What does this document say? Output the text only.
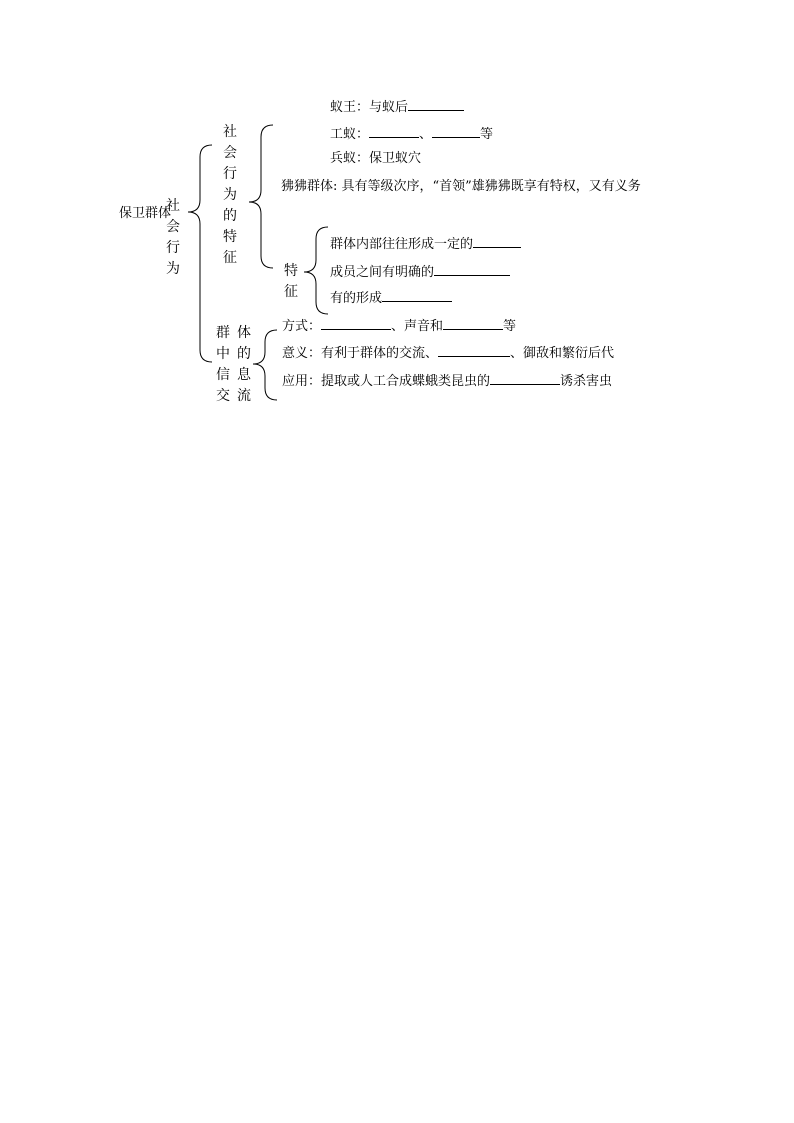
保卫群体
社
会
行
为
社
会
行
为
的
特
征
蚁王：与蚁后
工蚁：	、	等
兵蚁：保卫蚁穴
狒狒群体: 具有等级次序，“首领”雄狒狒既享有特权，又有义务
特
征
群体内部往往形成一定的
成员之间有明确的
有的形成
群
中
信
交
体
的
息
流
方式：	、声音和	等
意义：有利于群体的交流、	、御敌和繁衍后代
应用：提取或人工合成蝶蛾类昆虫的	诱杀害虫
